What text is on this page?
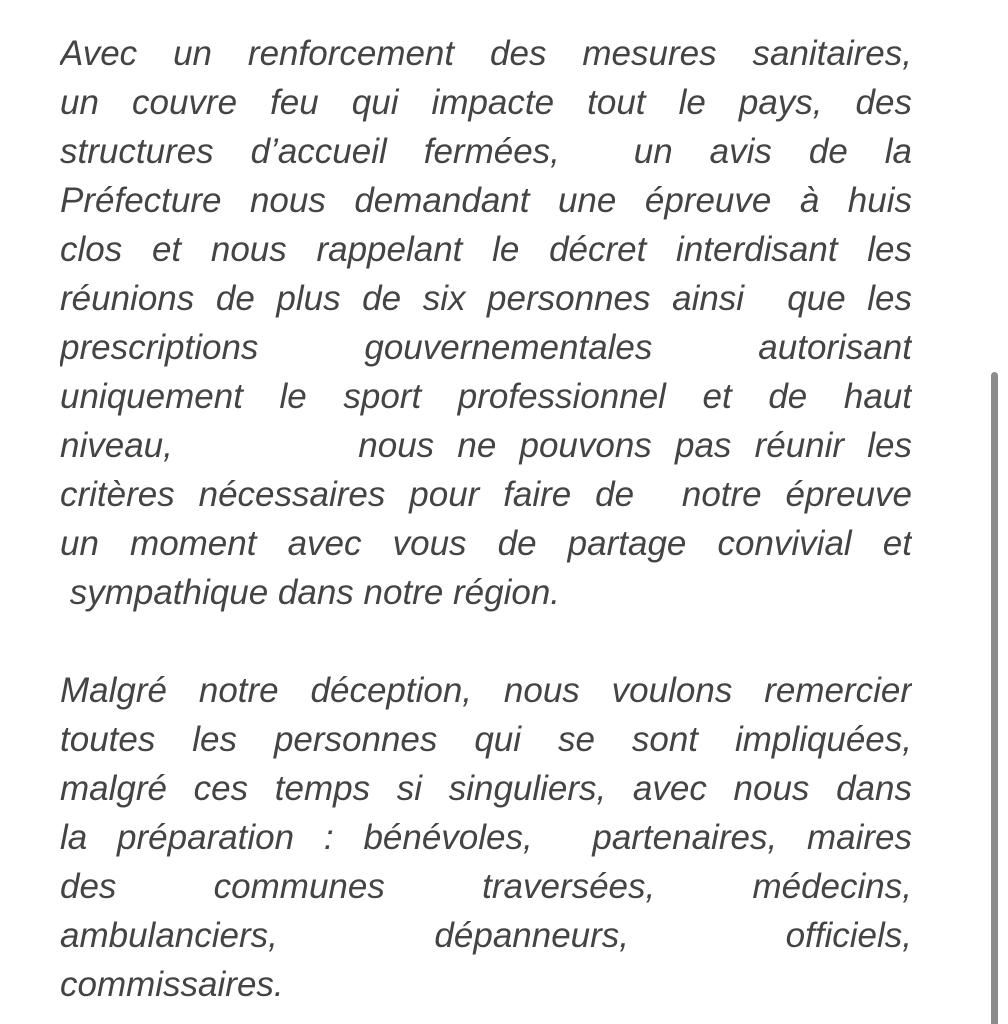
Avec un renforcement des mesures sanitaires,
un couvre feu qui impacte tout le pays, des
structures d’accueil fermées,  un avis de la
Préfecture nous demandant une épreuve à huis
clos et nous rappelant le décret interdisant les
réunions de plus de six personnes ainsi  que les
prescriptions gouvernementales autorisant
uniquement le sport professionnel et de haut
niveau,        nous ne pouvons pas réunir les
critères nécessaires pour faire de  notre épreuve
un moment avec vous de partage convivial et
sympathique dans notre région.
Malgré notre déception, nous voulons remercier
toutes les personnes qui se sont impliquées,
malgré ces temps si singuliers, avec nous dans
la préparation : bénévoles,  partenaires, maires
des communes traversées, médecins,
ambulanciers, dépanneurs, officiels,
commissaires.
